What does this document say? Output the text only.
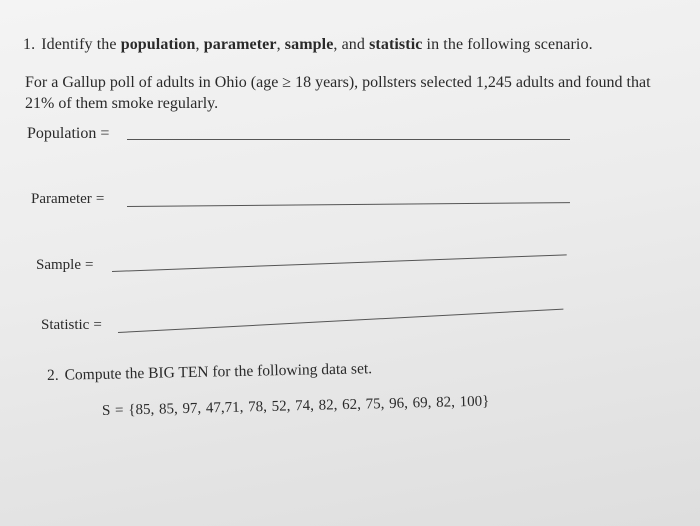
1. Identify the population, parameter, sample, and statistic in the following scenario.
For a Gallup poll of adults in Ohio (age ≥ 18 years), pollsters selected 1,245 adults and found that 21% of them smoke regularly.
Population =
Parameter =
Sample =
Statistic =
2. Compute the BIG TEN for the following data set.
S = {85, 85, 97, 47,71, 78, 52, 74, 82, 62, 75, 96, 69, 82, 100}
